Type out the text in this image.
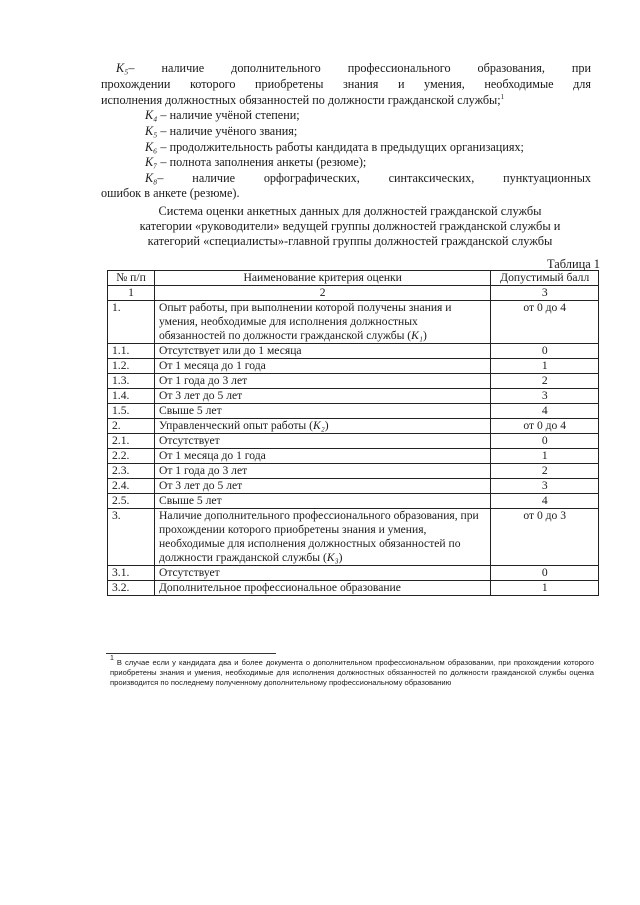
K₅– наличие дополнительного профессионального образования, при
прохождении которого приобретены знания и умения, необходимые для
исполнения должностных обязанностей по должности гражданской службы;$^1$
K₄ – наличие учёной степени;
K₅ – наличие учёного звания;
K₆ – продолжительность работы кандидата в предыдущих организациях;
K₇ – полнота заполнения анкеты (резюме);
K₈– наличие орфографических, синтаксических, пунктуационных
ошибок в анкете (резюме).
Система оценки анкетных данных для должностей гражданской службы
категории «руководители» ведущей группы должностей гражданской службы и
категорий «специалисты»-главной группы должностей гражданской службы
Таблица 1
№ п/п	Наименование критерия оценки	Допустимый балл
1	2	3
1.	Опыт работы, при выполнении которой получены знания и умения, необходимые для исполнения должностных обязанностей по должности гражданской службы (K₁)	от 0 до 4
1.1.	Отсутствует или до 1 месяца	0
1.2.	От 1 месяца до 1 года	1
1.3.	От 1 года до 3 лет	2
1.4.	От 3 лет до 5 лет	3
1.5.	Свыше 5 лет	4
2.	Управленческий опыт работы (K₂)	от 0 до 4
2.1.	Отсутствует	0
2.2.	От 1 месяца до 1 года	1
2.3.	От 1 года до 3 лет	2
2.4.	От 3 лет до 5 лет	3
2.5.	Свыше 5 лет	4
3.	Наличие дополнительного профессионального образования, при прохождении которого приобретены знания и умения, необходимые для исполнения должностных обязанностей по должности гражданской службы (K₃)	от 0 до 3
3.1.	Отсутствует	0
3.2.	Дополнительное профессиональное образование	1
$^1$ В случае если у кандидата два и более документа о дополнительном профессиональном образовании, при прохождении которого приобретены знания и умения, необходимые для исполнения должностных обязанностей по должности гражданской службы оценка производится по последнему полученному дополнительному профессиональному образованию
